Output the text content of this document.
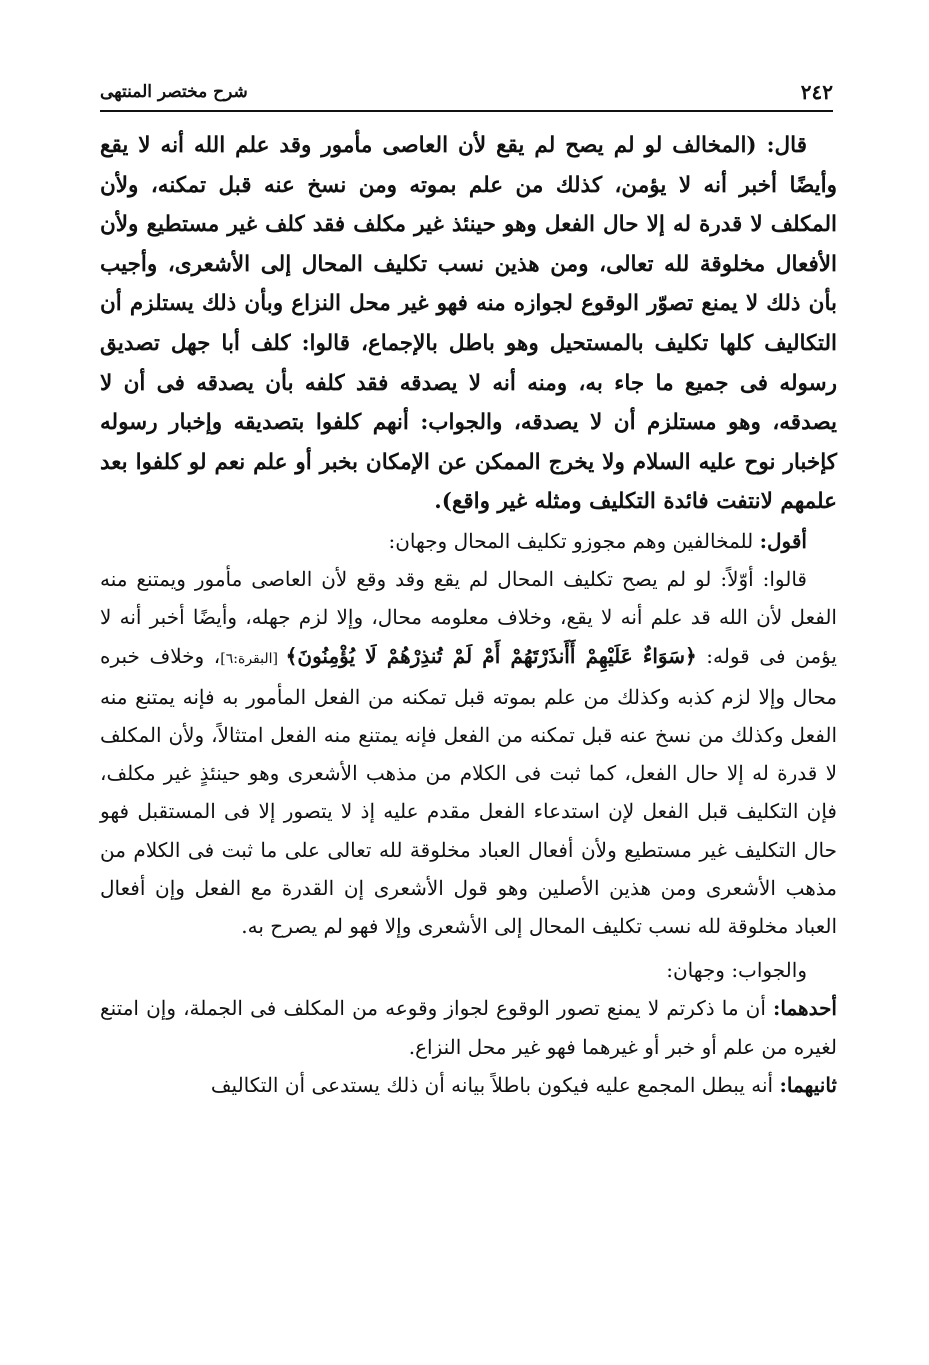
٢٤٢
شرح مختصر المنتهى

قال: (المخالف لو لم يصح لم يقع لأن العاصى مأمور وقد علم الله أنه لا يقع وأيضًا أخبر أنه لا يؤمن، كذلك من علم بموته ومن نسخ عنه قبل تمكنه، ولأن المكلف لا قدرة له إلا حال الفعل وهو حينئذ غير مكلف فقد كلف غير مستطيع ولأن الأفعال مخلوقة لله تعالى، ومن هذين نسب تكليف المحال إلى الأشعرى، وأجيب بأن ذلك لا يمنع تصوّر الوقوع لجوازه منه فهو غير محل النزاع وبأن ذلك يستلزم أن التكاليف كلها تكليف بالمستحيل وهو باطل بالإجماع، قالوا: كلف أبا جهل تصديق رسوله فى جميع ما جاء به، ومنه أنه لا يصدقه فقد كلفه بأن يصدقه فى أن لا يصدقه، وهو مستلزم أن لا يصدقه، والجواب: أنهم كلفوا بتصديقه وإخبار رسوله كإخبار نوح عليه السلام ولا يخرج الممكن عن الإمكان بخبر أو علم نعم لو كلفوا بعد علمهم لانتفت فائدة التكليف ومثله غير واقع).

أقول: للمخالفين وهم مجوزو تكليف المحال وجهان:

قالوا: أوّلاً: لو لم يصح تكليف المحال لم يقع وقد وقع لأن العاصى مأمور ويمتنع منه الفعل لأن الله قد علم أنه لا يقع، وخلاف معلومه محال، وإلا لزم جهله، وأيضًا أخبر أنه لا يؤمن فى قوله: ﴿سَوَاءٌ عَلَيْهِمْ أَأَنذَرْتَهُمْ أَمْ لَمْ تُنذِرْهُمْ لَا يُؤْمِنُونَ﴾ [البقرة:٦]، وخلاف خبره محال وإلا لزم كذبه وكذلك من علم بموته قبل تمكنه من الفعل المأمور به فإنه يمتنع منه الفعل وكذلك من نسخ عنه قبل تمكنه من الفعل فإنه يمتنع منه الفعل امتثالاً، ولأن المكلف لا قدرة له إلا حال الفعل، كما ثبت فى الكلام من مذهب الأشعرى وهو حينئذٍ غير مكلف، فإن التكليف قبل الفعل لإن استدعاء الفعل مقدم عليه إذ لا يتصور إلا فى المستقبل فهو حال التكليف غير مستطيع ولأن أفعال العباد مخلوقة لله تعالى على ما ثبت فى الكلام من مذهب الأشعرى ومن هذين الأصلين وهو قول الأشعرى إن القدرة مع الفعل وإن أفعال العباد مخلوقة لله نسب تكليف المحال إلى الأشعرى وإلا فهو لم يصرح به.

والجواب: وجهان:

أحدهما: أن ما ذكرتم لا يمنع تصور الوقوع لجواز وقوعه من المكلف فى الجملة، وإن امتنع لغيره من علم أو خبر أو غيرهما فهو غير محل النزاع.

ثانيهما: أنه يبطل المجمع عليه فيكون باطلاً بيانه أن ذلك يستدعى أن التكاليف
